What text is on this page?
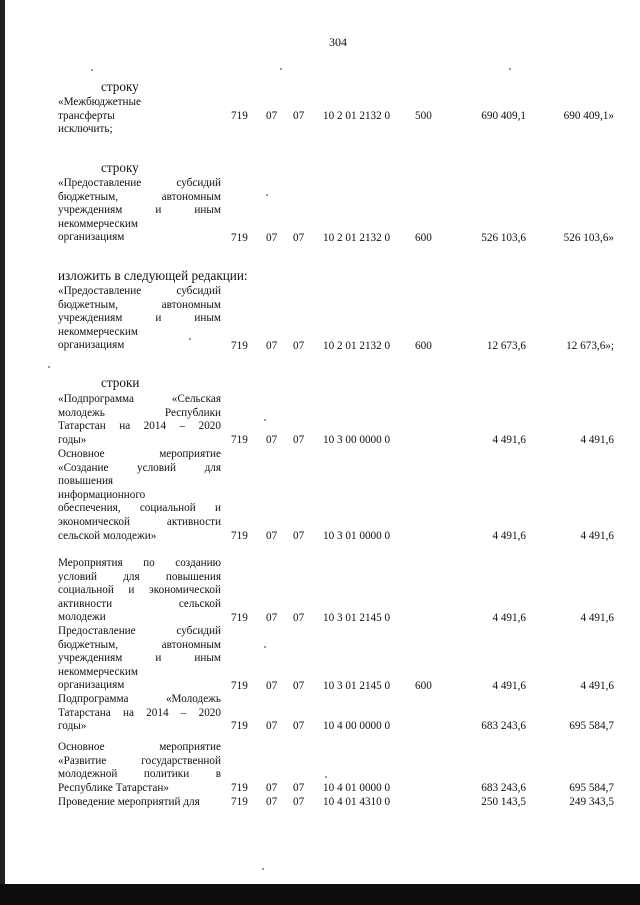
304
строку
строку
изложить в следующей редакции:
строки
«Межбюджетные
трансферты
исключить;
719 07 07 10 2 01 2132 0 500	690 409,1	690 409,1»
«Предоставление субсидий
бюджетным, автономным
учреждениям и иным
некоммерческим
организациям	719 07 07 10 2 01 2132 0 600	526 103,6	526 103,6»
«Предоставление субсидий
бюджетным, автономным
учреждениям и иным
некоммерческим
организациям	719 07 07 10 2 01 2132 0 600	12 673,6	12 673,6»;
«Подпрограмма «Сельская
молодежь Республики
Татарстан на 2014 – 2020
годы»	719 07 07 10 3 00 0000 0	4 491,6	4 491,6
Основное мероприятие
«Создание условий для
повышения
информационного
обеспечения, социальной и
экономической активности
сельской молодежи»	719 07 07 10 3 01 0000 0	4 491,6	4 491,6
Мероприятия по созданию
условий для повышения
социальной и экономической
активности сельской
молодежи	719 07 07 10 3 01 2145 0	4 491,6	4 491,6
Предоставление субсидий
бюджетным, автономным
учреждениям и иным
некоммерческим
организациям	719 07 07 10 3 01 2145 0 600	4 491,6	4 491,6
Подпрограмма «Молодежь
Татарстана на 2014 – 2020
годы»	719 07 07 10 4 00 0000 0	683 243,6	695 584,7
Основное мероприятие
«Развитие государственной
молодежной политики в
Республике Татарстан»	719 07 07 10 4 01 0000 0	683 243,6	695 584,7
Проведение мероприятий для	719 07 07 10 4 01 4310 0	250 143,5	249 343,5
